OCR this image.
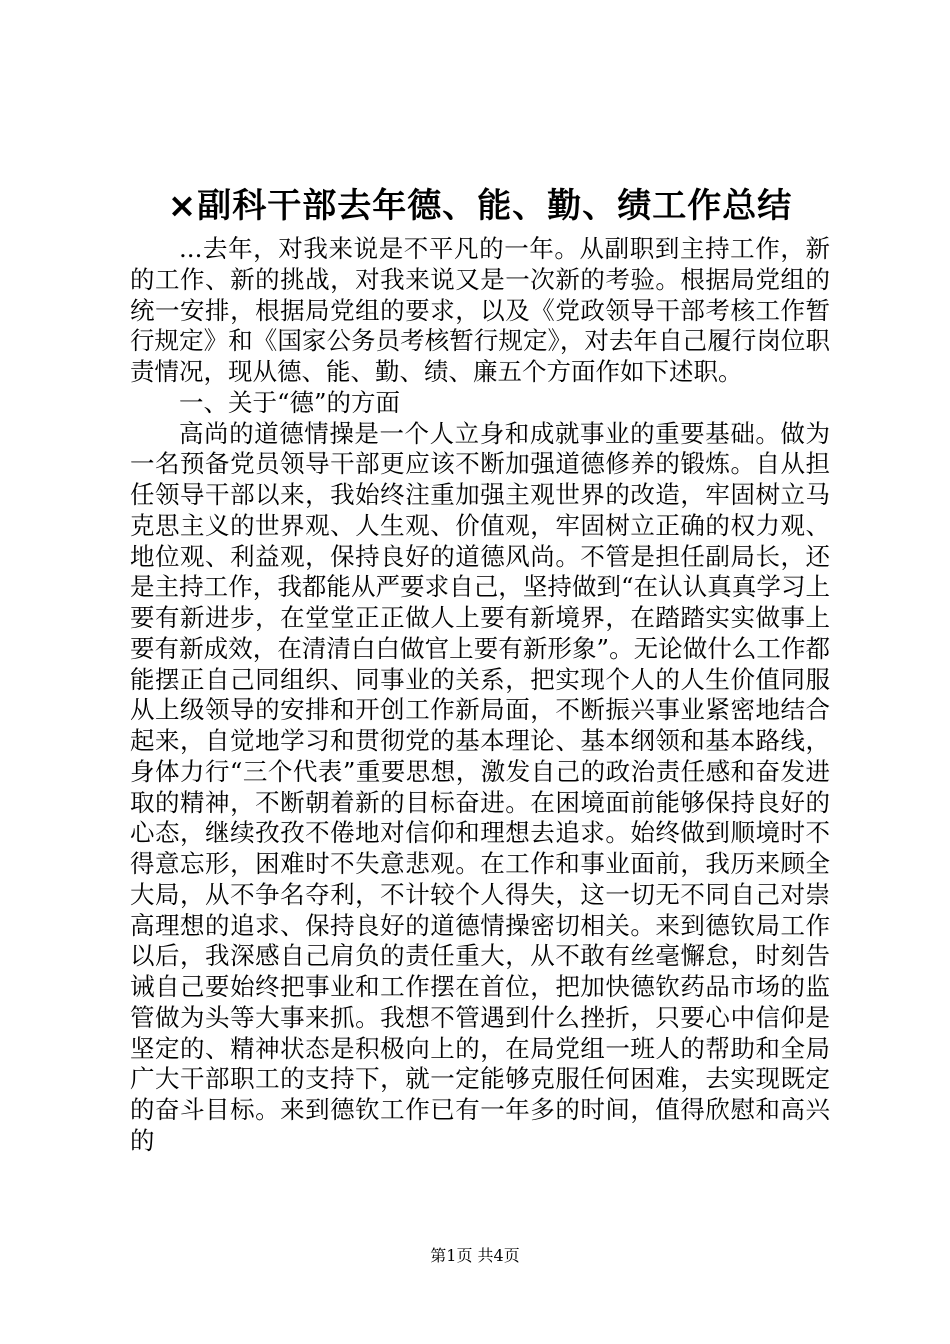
×副科干部去年德、能、勤、绩工作总结

...去年，对我来说是不平凡的一年。从副职到主持工作，新的工作、新的挑战，对我来说又是一次新的考验。根据局党组的统一安排，根据局党组的要求，以及《党政领导干部考核工作暂行规定》和《国家公务员考核暂行规定》，对去年自己履行岗位职责情况，现从德、能、勤、绩、廉五个方面作如下述职。

一、关于“德”的方面

高尚的道德情操是一个人立身和成就事业的重要基础。做为一名预备党员领导干部更应该不断加强道德修养的锻炼。自从担任领导干部以来，我始终注重加强主观世界的改造，牢固树立马克思主义的世界观、人生观、价值观，牢固树立正确的权力观、地位观、利益观，保持良好的道德风尚。不管是担任副局长，还是主持工作，我都能从严要求自己，坚持做到“在认认真真学习上要有新进步，在堂堂正正做人上要有新境界，在踏踏实实做事上要有新成效，在清清白白做官上要有新形象”。无论做什么工作都能摆正自己同组织、同事业的关系，把实现个人的人生价值同服从上级领导的安排和开创工作新局面，不断振兴事业紧密地结合起来，自觉地学习和贯彻党的基本理论、基本纲领和基本路线，身体力行“三个代表”重要思想，激发自己的政治责任感和奋发进取的精神，不断朝着新的目标奋进。在困境面前能够保持良好的心态，继续孜孜不倦地对信仰和理想去追求。始终做到顺境时不得意忘形，困难时不失意悲观。在工作和事业面前，我历来顾全大局，从不争名夺利，不计较个人得失，这一切无不同自己对崇高理想的追求、保持良好的道德情操密切相关。来到德钦局工作以后，我深感自己肩负的责任重大，从不敢有丝毫懈怠，时刻告诫自己要始终把事业和工作摆在首位，把加快德钦药品市场的监管做为头等大事来抓。我想不管遇到什么挫折，只要心中信仰是坚定的、精神状态是积极向上的，在局党组一班人的帮助和全局广大干部职工的支持下，就一定能够克服任何困难，去实现既定的奋斗目标。来到德钦工作已有一年多的时间，值得欣慰和高兴的

第1页 共4页
